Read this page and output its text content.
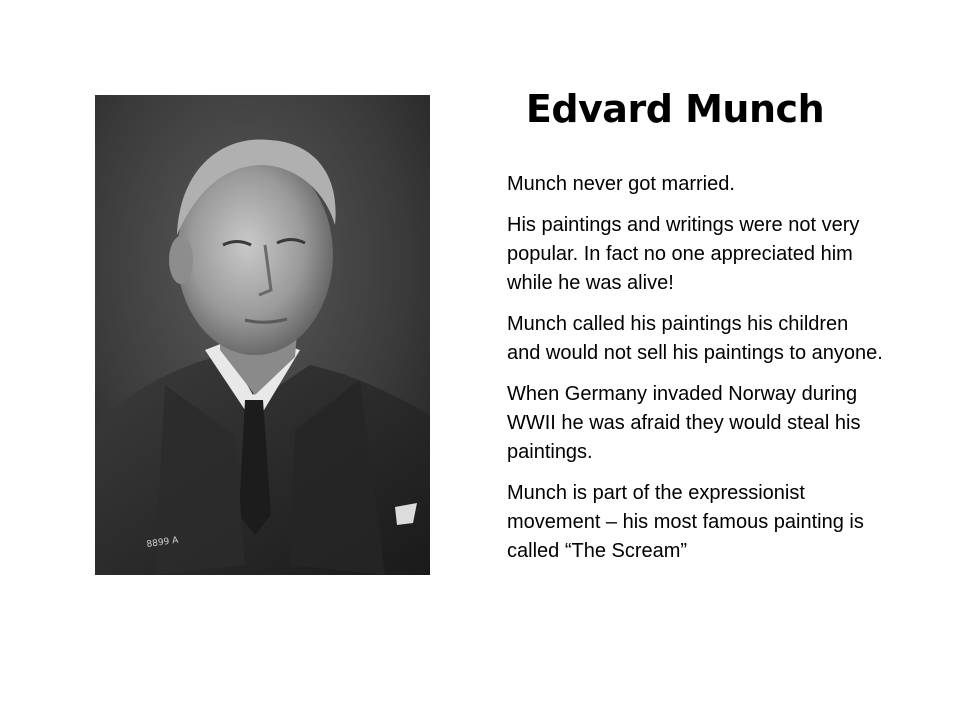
8899 A
Edvard Munch

Munch never got married.

His paintings and writings were not very popular. In fact no one appreciated him while he was alive!

Munch called his paintings his children and would not sell his paintings to anyone.

When Germany invaded Norway during WWII he was afraid they would steal his paintings.

Munch is part of the expressionist movement – his most famous painting is called “The Scream”
